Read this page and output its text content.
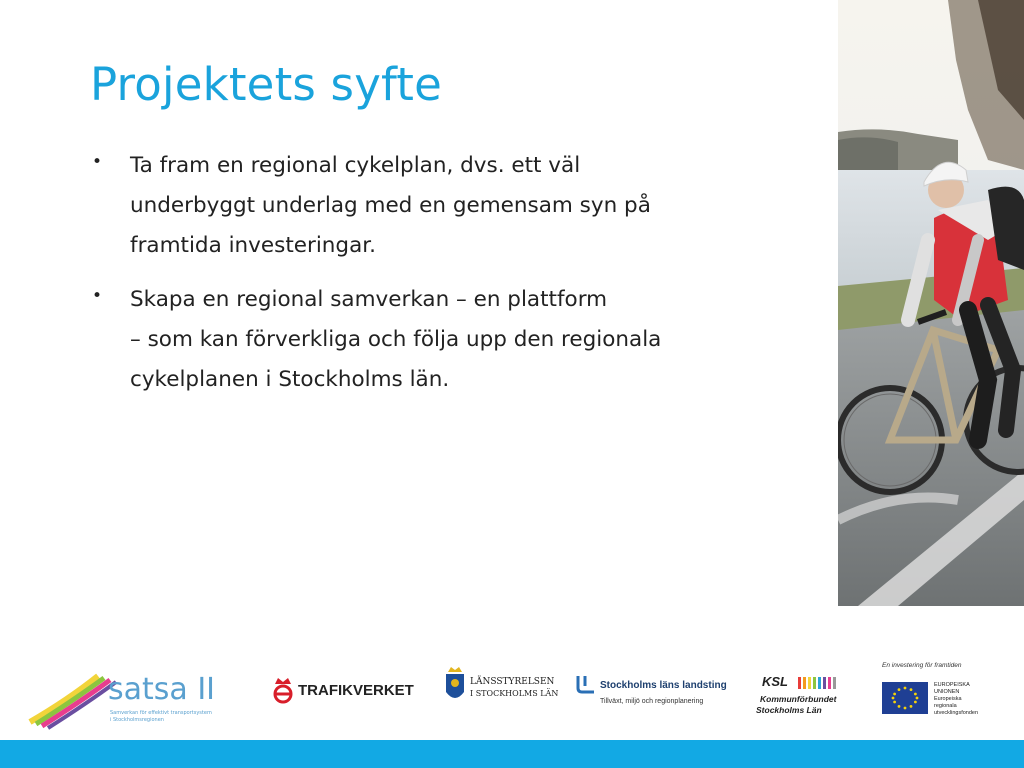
Projektets syfte
• Ta fram en regional cykelplan, dvs. ett väl
underbyggt underlag med en gemensam syn på
framtida investeringar.
• Skapa en regional samverkan – en plattform
– som kan förverkliga och följa upp den regionala
cykelplanen i Stockholms län.
satsa II
Samverkan för effektivt transportsystem
i Stockholmsregionen
TRAFIKVERKET	LÄNSSTYRELSEN
I STOCKHOLMS LÄN
Stockholms läns landsting
Tillväxt, miljö och regionplanering
KSL
Kommunförbundet
Stockholms Län
En investering för framtiden
EUROPEISKA
UNIONEN
Europeiska
regionala
utvecklingsfonden
